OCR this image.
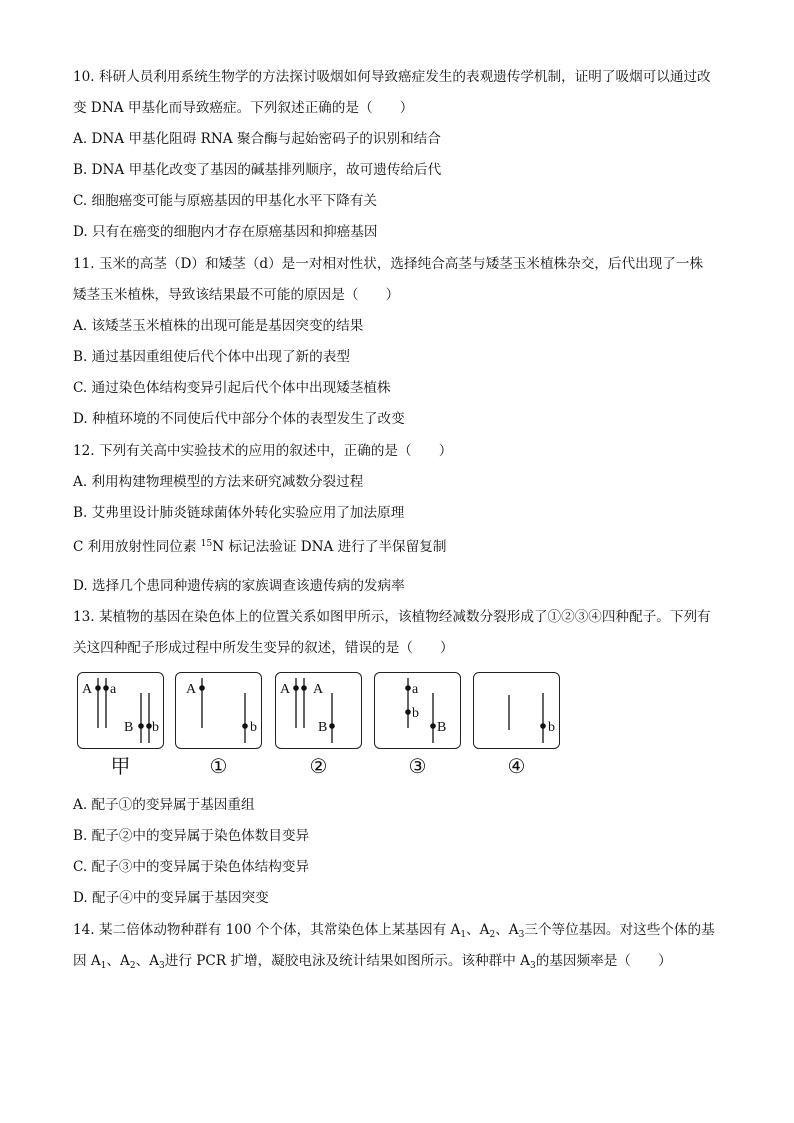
10. 科研人员利用系统生物学的方法探讨吸烟如何导致癌症发生的表观遗传学机制，证明了吸烟可以通过改
变 DNA 甲基化而导致癌症。下列叙述正确的是（　　）
A. DNA 甲基化阻碍 RNA 聚合酶与起始密码子的识别和结合
B. DNA 甲基化改变了基因的碱基排列顺序，故可遗传给后代
C. 细胞癌变可能与原癌基因的甲基化水平下降有关
D. 只有在癌变的细胞内才存在原癌基因和抑癌基因
11. 玉米的高茎（D）和矮茎（d）是一对相对性状，选择纯合高茎与矮茎玉米植株杂交，后代出现了一株
矮茎玉米植株，导致该结果最不可能的原因是（　　）
A. 该矮茎玉米植株的出现可能是基因突变的结果
B. 通过基因重组使后代个体中出现了新的表型
C. 通过染色体结构变异引起后代个体中出现矮茎植株
D. 种植环境的不同使后代中部分个体的表型发生了改变
12. 下列有关高中实验技术的应用的叙述中，正确的是（　　）
A. 利用构建物理模型的方法来研究减数分裂过程
B. 艾弗里设计肺炎链球菌体外转化实验应用了加法原理
C 利用放射性同位素 $^{15}$N 标记法验证 DNA 进行了半保留复制
D. 选择几个患同种遗传病的家族调查该遗传病的发病率
13. 某植物的基因在染色体上的位置关系如图甲所示，该植物经减数分裂形成了①②③④四种配子。下列有
关这四种配子形成过程中所发生变异的叙述，错误的是（　　）
A a
B b
A
b
A A
B
a
b
B	b
甲	①	②	③	④
A. 配子①的变异属于基因重组
B. 配子②中的变异属于染色体数目变异
C. 配子③中的变异属于染色体结构变异
D. 配子④中的变异属于基因突变
14. 某二倍体动物种群有 100 个个体，其常染色体上某基因有 $A_1$、$A_2$、$A_3$三个等位基因。对这些个体的基
因 $A_1$、$A_2$、$A_3$进行 PCR 扩增，凝胶电泳及统计结果如图所示。该种群中 $A_3$的基因频率是（　　）
